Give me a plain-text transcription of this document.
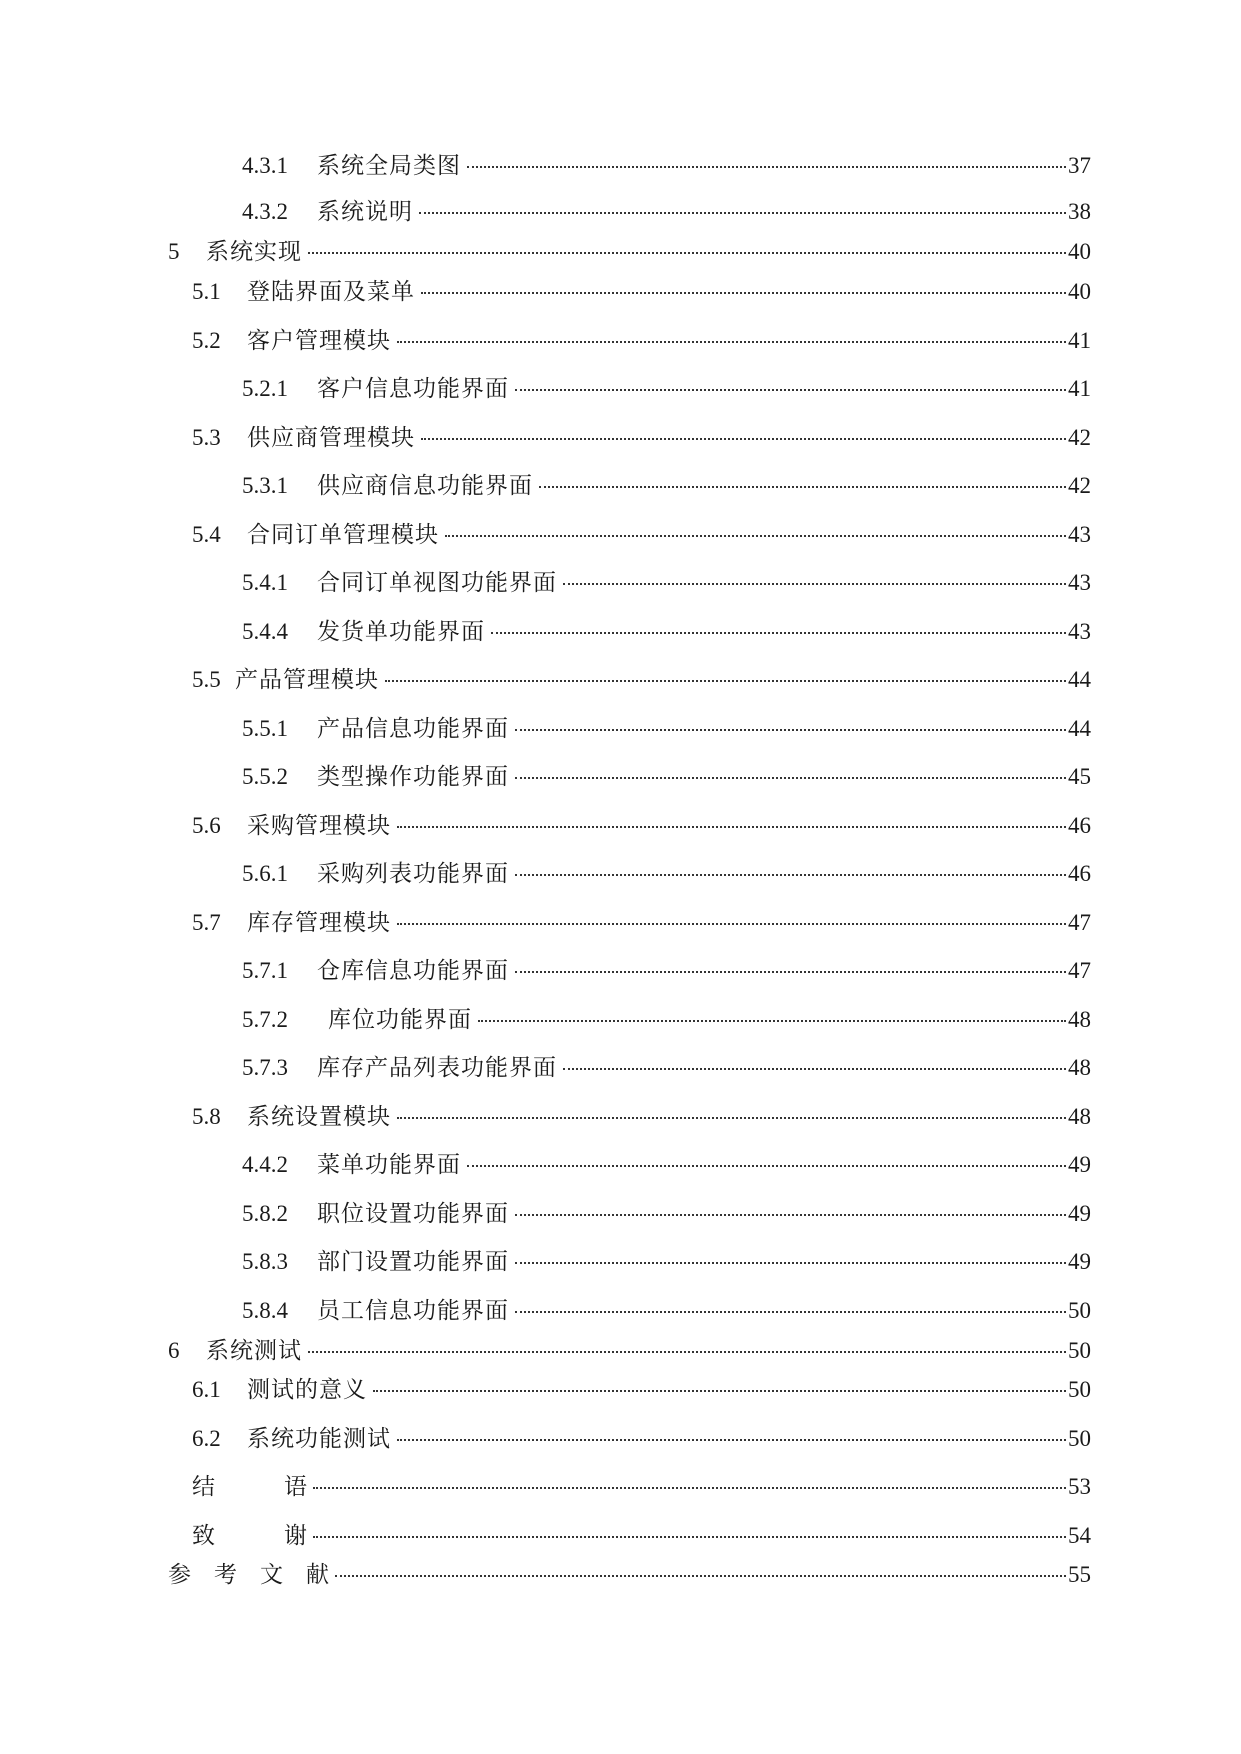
4.3.1	系统全局类图	37
4.3.2	系统说明	38
5	系统实现	40
5.1	登陆界面及菜单	40
5.2	客户管理模块	41
5.2.1	客户信息功能界面	41
5.3	供应商管理模块	42
5.3.1	供应商信息功能界面	42
5.4	合同订单管理模块	43
5.4.1	合同订单视图功能界面	43
5.4.4	发货单功能界面	43
5.5 产品管理模块	44
5.5.1	产品信息功能界面	44
5.5.2	类型操作功能界面	45
5.6	采购管理模块	46
5.6.1	采购列表功能界面	46
5.7	库存管理模块	47
5.7.1	仓库信息功能界面	47
5.7.2	库位功能界面	48
5.7.3	库存产品列表功能界面	48
5.8	系统设置模块	48
4.4.2	菜单功能界面	49
5.8.2	职位设置功能界面	49
5.8.3	部门设置功能界面	49
5.8.4	员工信息功能界面	50
6	系统测试	50
6.1	测试的意义	50
6.2	系统功能测试	50
结　　　语	53
致　　　谢	54
参　考　文　献	55
